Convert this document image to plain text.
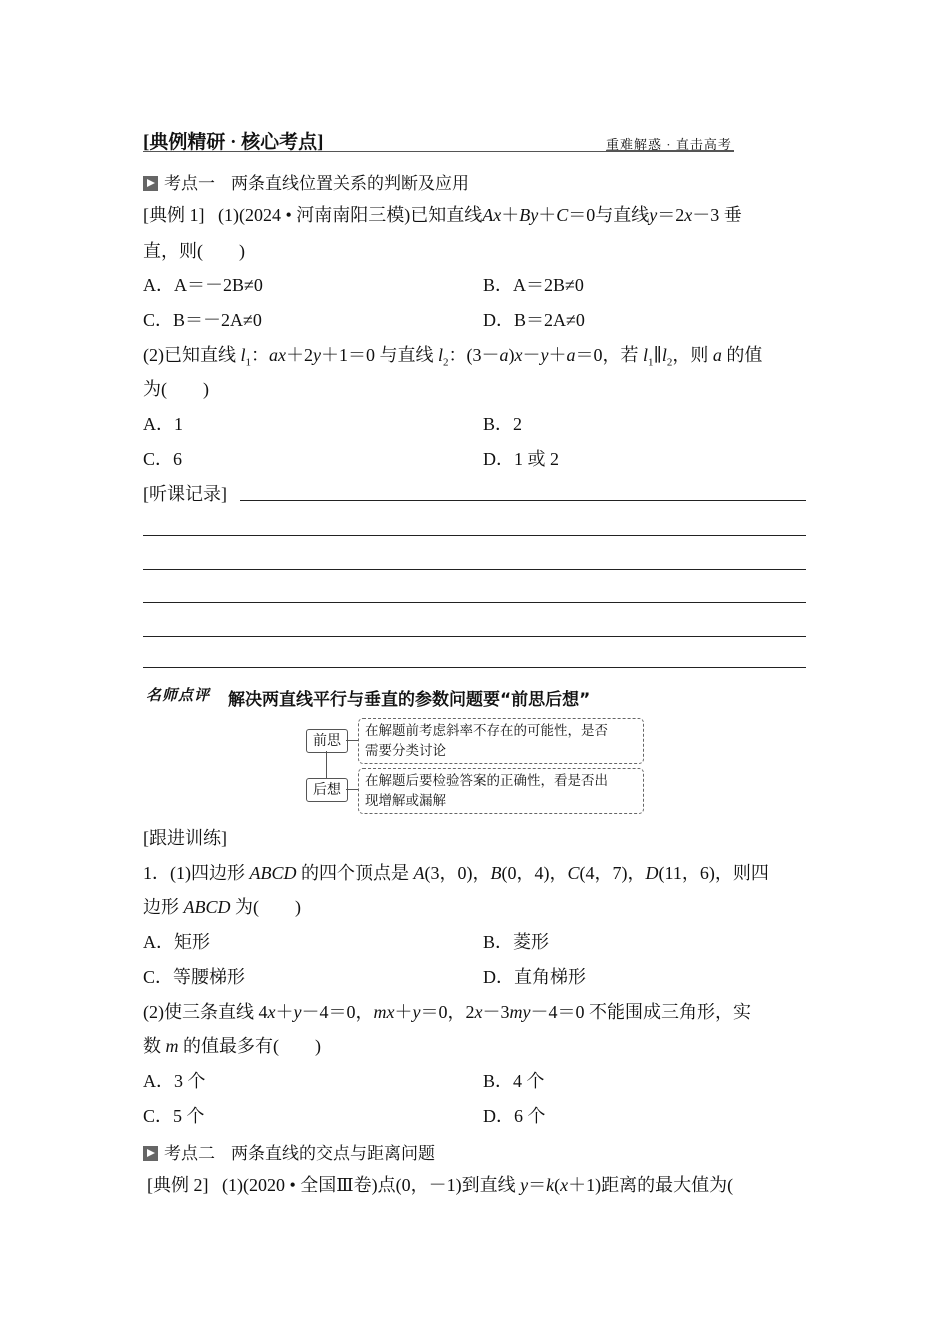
[典例精研 · 核心考点]	重难解惑 · 直击高考
考点一 两条直线位置关系的判断及应用
[典例 1] (1)(2024 • 河南南阳三模)已知直线Ax＋By＋C＝0与直线y＝2x－3 垂
直，则(　　)
A．A＝－2B≠0	B．A＝2B≠0
C．B＝－2A≠0	D．B＝2A≠0
(2)已知直线 $l_1$：ax＋2y＋1＝0 与直线 $l_2$：(3－a)x－y＋a＝0，若 $l_1\parallel l_2$，则 a 的值
为(　　)
A．1	B．2
C．6	D．1 或 2
[听课记录]
名师点评 解决两直线平行与垂直的参数问题要“前思后想”
前思
在解题前考虑斜率不存在的可能性，是否
需要分类讨论
后想
在解题后要检验答案的正确性，看是否出
现增解或漏解
[跟进训练]
1．(1)四边形 ABCD 的四个顶点是 A(3，0)，B(0，4)，C(4，7)，D(11，6)，则四
边形 ABCD 为(　　)
A．矩形	B．菱形
C．等腰梯形	D．直角梯形
(2)使三条直线 4x＋y－4＝0，mx＋y＝0，2x－3my－4＝0 不能围成三角形，实
数 m 的值最多有(　　)
A．3 个	B．4 个
C．5 个	D．6 个
考点二 两条直线的交点与距离问题
[典例 2] (1)(2020 • 全国Ⅲ卷)点(0，－1)到直线 y＝k(x＋1)距离的最大值为(
